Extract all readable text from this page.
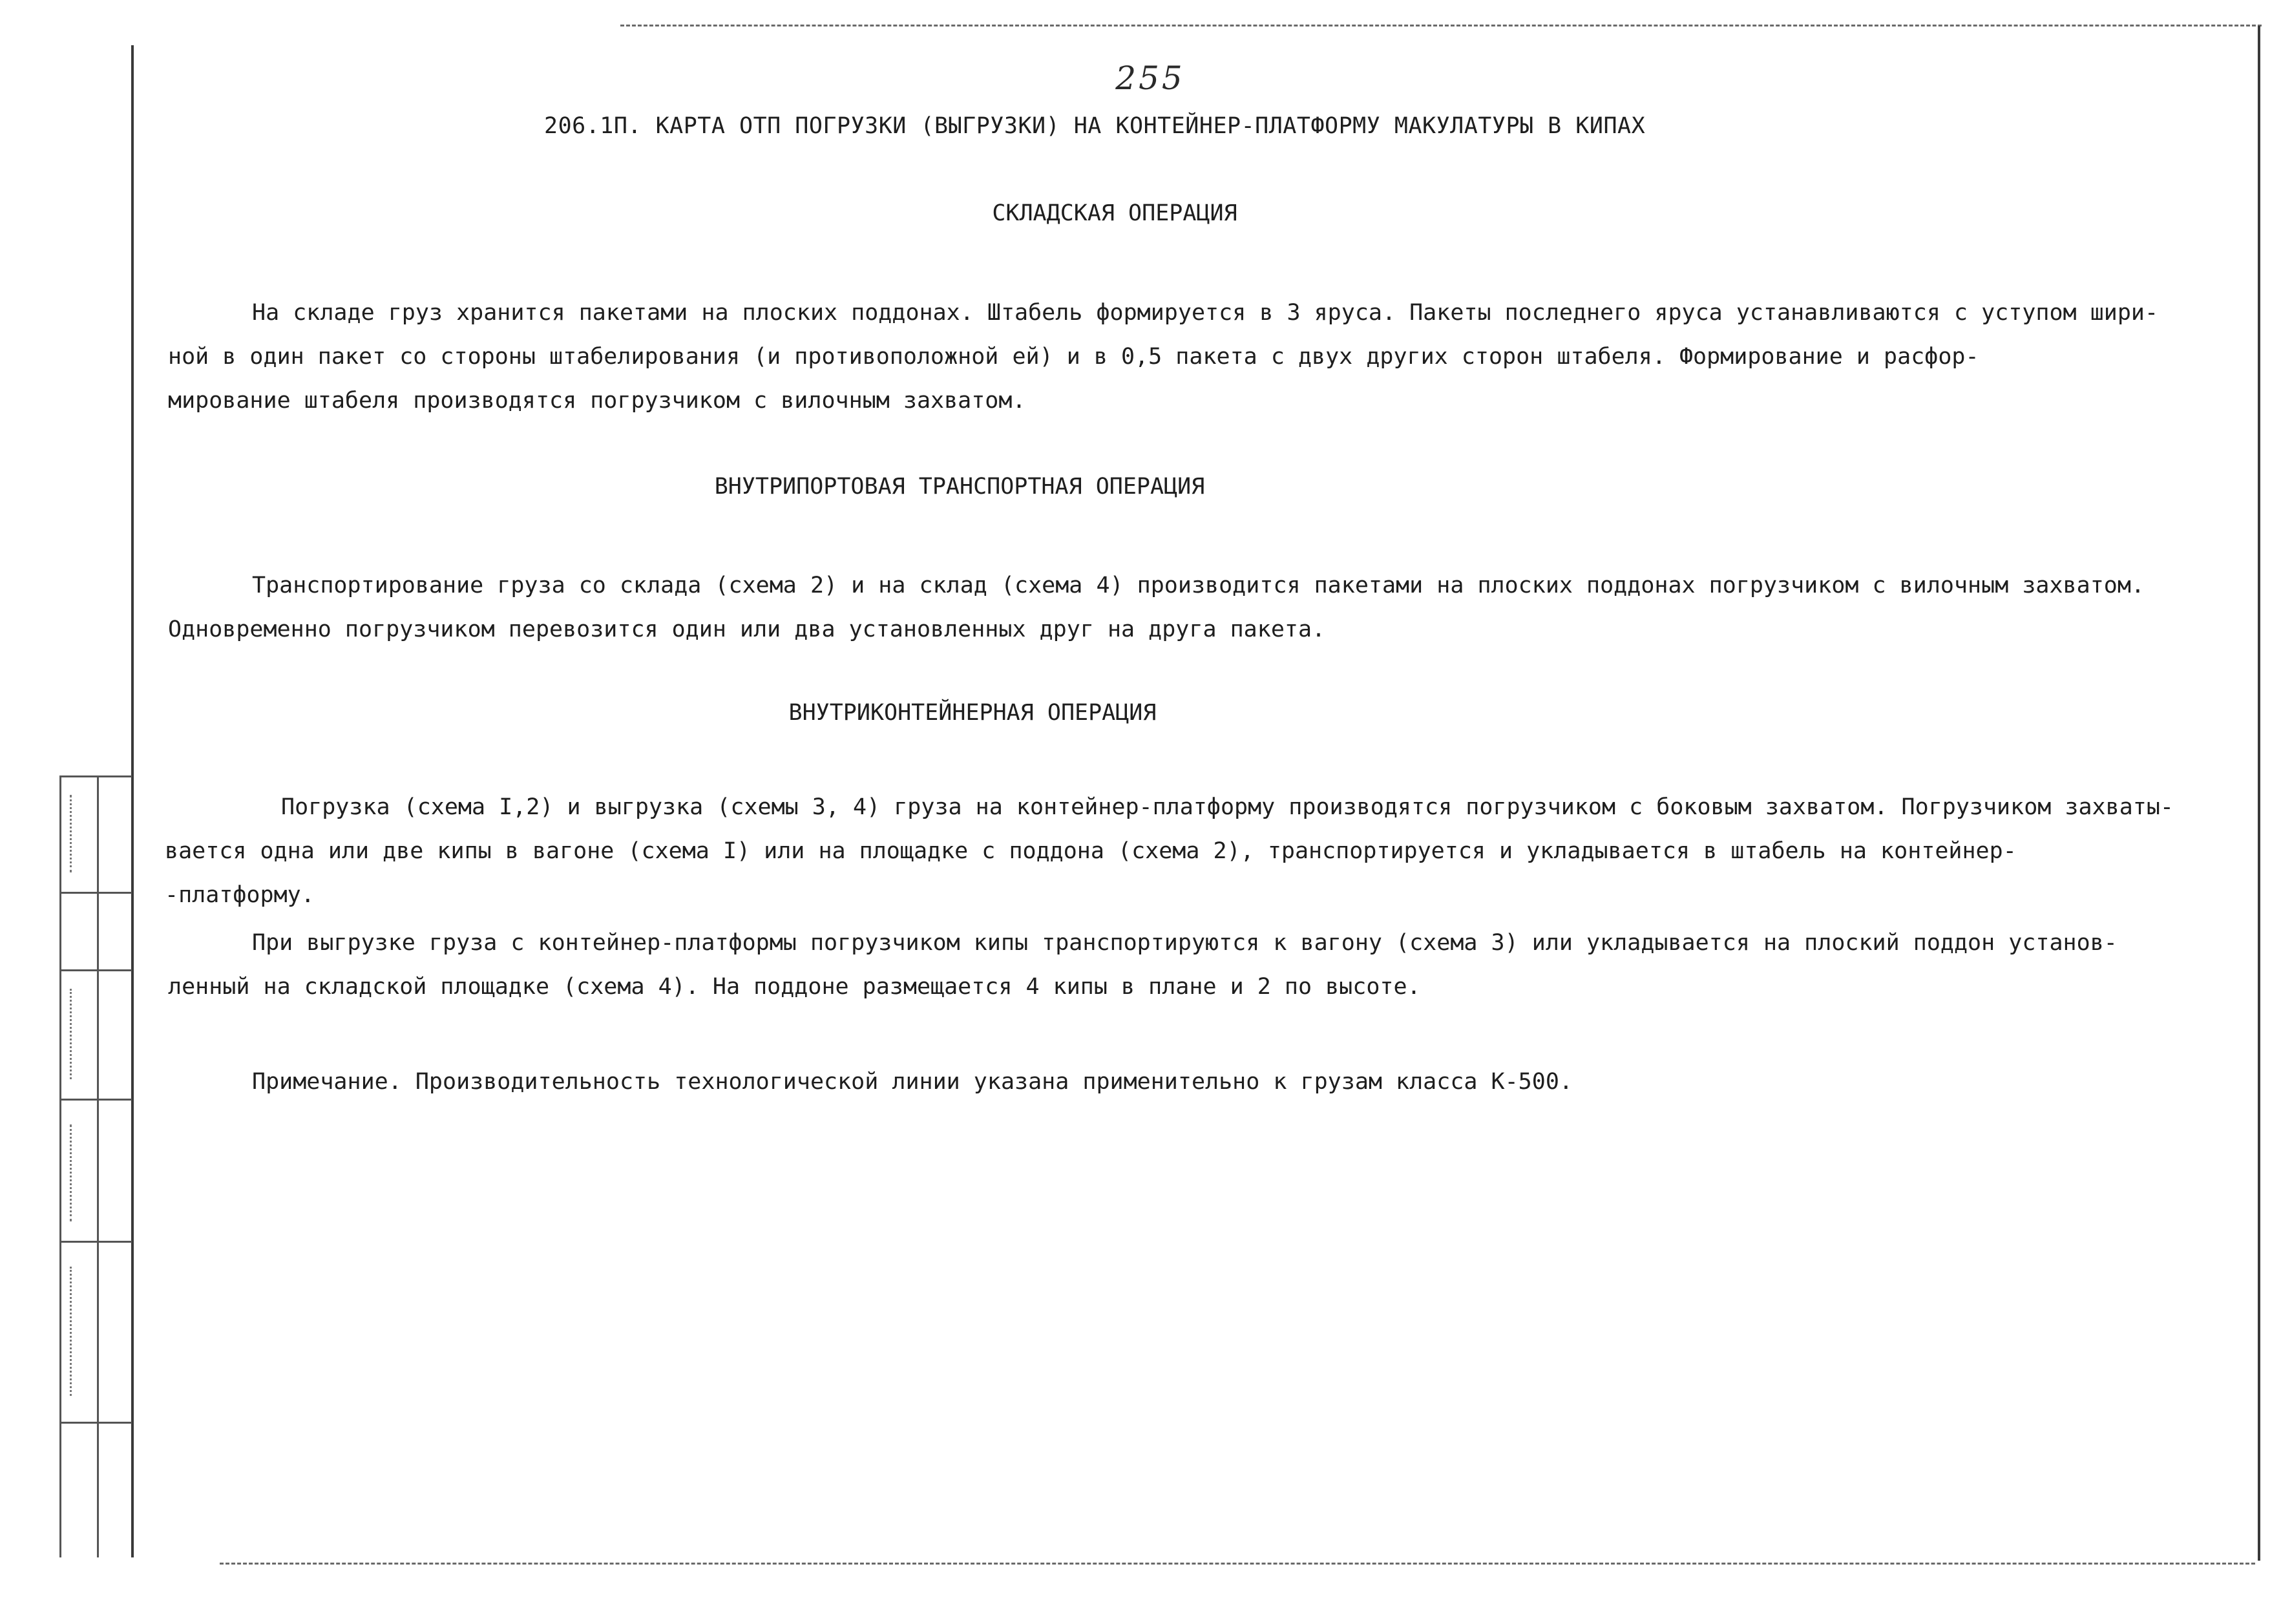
255
206.1П. КАРТА ОТП ПОГРУЗКИ (ВЫГРУЗКИ) НА КОНТЕЙНЕР-ПЛАТФОРМУ МАКУЛАТУРЫ В КИПАХ
СКЛАДСКАЯ ОПЕРАЦИЯ
На складе груз хранится пакетами на плоских поддонах. Штабель формируется в 3 яруса. Пакеты последнего яруса устанавливаются с уступом шири-
ной в один пакет со стороны штабелирования (и противоположной ей) и в 0,5 пакета с двух других сторон штабеля. Формирование и расфор-
мирование штабеля производятся погрузчиком с вилочным захватом.
ВНУТРИПОРТОВАЯ ТРАНСПОРТНАЯ ОПЕРАЦИЯ
Транспортирование груза со склада (схема 2) и на склад (схема 4) производится пакетами на плоских поддонах погрузчиком с вилочным захватом.
Одновременно погрузчиком перевозится один или два установленных друг на друга пакета.
ВНУТРИКОНТЕЙНЕРНАЯ ОПЕРАЦИЯ
Погрузка (схема I,2) и выгрузка (схемы 3, 4) груза на контейнер-платформу производятся погрузчиком с боковым захватом. Погрузчиком захваты-
вается одна или две кипы в вагоне (схема I) или на площадке с поддона (схема 2), транспортируется и укладывается в штабель на контейнер-
-платформу.
При выгрузке груза с контейнер-платформы погрузчиком кипы транспортируются к вагону (схема 3) или укладывается на плоский поддон установ-
ленный на складской площадке (схема 4). На поддоне размещается 4 кипы в плане и 2 по высоте.
Примечание. Производительность технологической линии указана применительно к грузам класса К-500.
